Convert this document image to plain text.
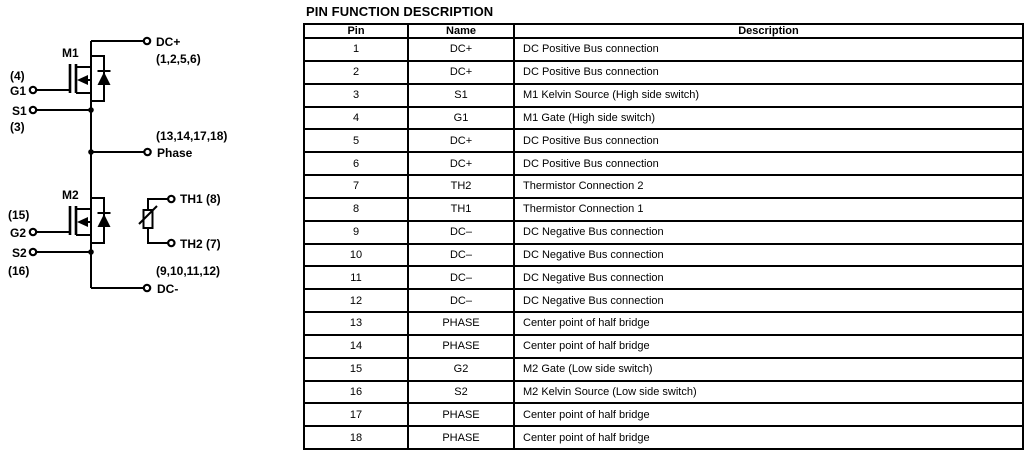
M1
M2
(4)
G1
S1
(3)
DC+
(1,2,5,6)
(13,14,17,18)
Phase
TH1 (8)
TH2 (7)
(15)
G2
S2
(16)	(9,10,11,12)
DC-
PIN FUNCTION DESCRIPTION
Pin	Name	Description
1	DC+	DC Positive Bus connection
2	DC+	DC Positive Bus connection
3	S1	M1 Kelvin Source (High side switch)
4	G1	M1 Gate (High side switch)
5	DC+	DC Positive Bus connection
6	DC+	DC Positive Bus connection
7	TH2	Thermistor Connection 2
8	TH1	Thermistor Connection 1
9	DC–	DC Negative Bus connection
10	DC–	DC Negative Bus connection
11	DC–	DC Negative Bus connection
12	DC–	DC Negative Bus connection
13	PHASE	Center point of half bridge
14	PHASE	Center point of half bridge
15	G2	M2 Gate (Low side switch)
16	S2	M2 Kelvin Source (Low side switch)
17	PHASE	Center point of half bridge
18	PHASE	Center point of half bridge
